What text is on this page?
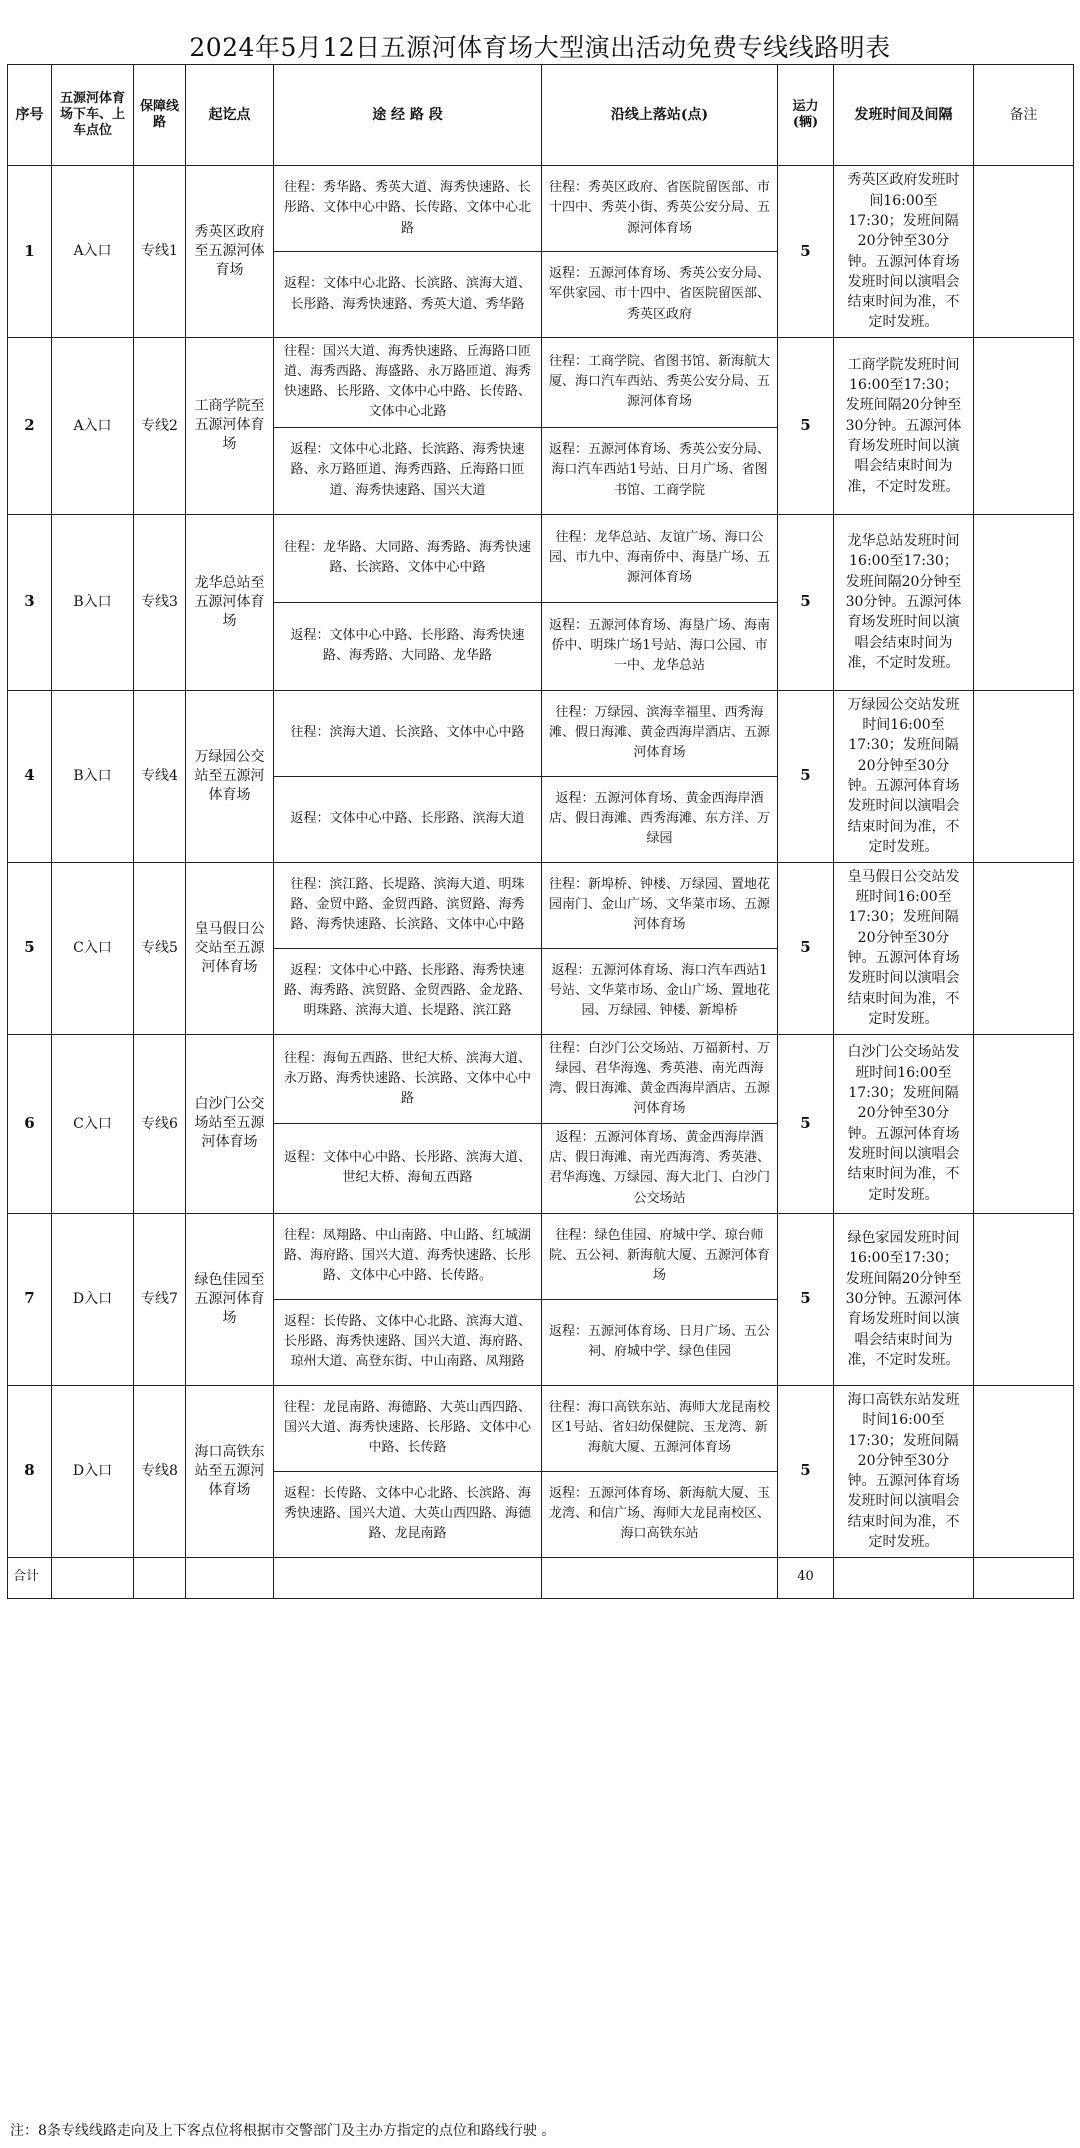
2024年5月12日五源河体育场大型演出活动免费专线线路明表
序号	五源河体育场下车、上车点位	保障线路	起讫点	途 经 路 段	沿线上落站(点)	运力(辆)	发班时间及间隔	备注
1	A入口	专线1	秀英区政府至五源河体育场	往程：秀华路、秀英大道、海秀快速路、长彤路、文体中心中路、长传路、文体中心北路	往程：秀英区政府、省医院留医部、市十四中、秀英小街、秀英公安分局、五源河体育场	5	秀英区政府发班时间16:00至17:30；发班间隔20分钟至30分钟。五源河体育场发班时间以演唱会结束时间为准，不定时发班。	
				返程：文体中心北路、长滨路、滨海大道、长彤路、海秀快速路、秀英大道、秀华路	返程：五源河体育场、秀英公安分局、军供家园、市十四中、省医院留医部、秀英区政府			
2	A入口	专线2	工商学院至五源河体育场	往程：国兴大道、海秀快速路、丘海路口匝道、海秀西路、海盛路、永万路匝道、海秀快速路、长彤路、文体中心中路、长传路、文体中心北路	往程：工商学院、省图书馆、新海航大厦、海口汽车西站、秀英公安分局、五源河体育场	5	工商学院发班时间16:00至17:30；发班间隔20分钟至30分钟。五源河体育场发班时间以演唱会结束时间为准，不定时发班。	
				返程：文体中心北路、长滨路、海秀快速路、永万路匝道、海秀西路、丘海路口匝道、海秀快速路、国兴大道	返程：五源河体育场、秀英公安分局、海口汽车西站1号站、日月广场、省图书馆、工商学院			
3	B入口	专线3	龙华总站至五源河体育场	往程：龙华路、大同路、海秀路、海秀快速路、长滨路、文体中心中路	往程：龙华总站、友谊广场、海口公园、市九中、海南侨中、海垦广场、五源河体育场	5	龙华总站发班时间16:00至17:30；发班间隔20分钟至30分钟。五源河体育场发班时间以演唱会结束时间为准，不定时发班。	
				返程：文体中心中路、长彤路、海秀快速路、海秀路、大同路、龙华路	返程：五源河体育场、海垦广场、海南侨中、明珠广场1号站、海口公园、市一中、龙华总站			
4	B入口	专线4	万绿园公交站至五源河体育场	往程：滨海大道、长滨路、文体中心中路	往程：万绿园、滨海幸福里、西秀海滩、假日海滩、黄金西海岸酒店、五源河体育场	5	万绿园公交站发班时间16:00至17:30；发班间隔20分钟至30分钟。五源河体育场发班时间以演唱会结束时间为准，不定时发班。	
				返程：文体中心中路、长彤路、滨海大道	返程：五源河体育场、黄金西海岸酒店、假日海滩、西秀海滩、东方洋、万绿园			
5	C入口	专线5	皇马假日公交站至五源河体育场	往程：滨江路、长堤路、滨海大道、明珠路、金贸中路、金贸西路、滨贸路、海秀路、海秀快速路、长滨路、文体中心中路	往程：新埠桥、钟楼、万绿园、置地花园南门、金山广场、文华菜市场、五源河体育场	5	皇马假日公交站发班时间16:00至17:30；发班间隔20分钟至30分钟。五源河体育场发班时间以演唱会结束时间为准，不定时发班。	
				返程：文体中心中路、长彤路、海秀快速路、海秀路、滨贸路、金贸西路、金龙路、明珠路、滨海大道、长堤路、滨江路	返程：五源河体育场、海口汽车西站1号站、文华菜市场、金山广场、置地花园、万绿园、钟楼、新埠桥			
6	C入口	专线6	白沙门公交场站至五源河体育场	往程：海甸五西路、世纪大桥、滨海大道、永万路、海秀快速路、长滨路、文体中心中路	往程：白沙门公交场站、万福新村、万绿园、君华海逸、秀英港、南光西海湾、假日海滩、黄金西海岸酒店、五源河体育场	5	白沙门公交场站发班时间16:00至17:30；发班间隔20分钟至30分钟。五源河体育场发班时间以演唱会结束时间为准，不定时发班。	
				返程：文体中心中路、长彤路、滨海大道、世纪大桥、海甸五西路	返程：五源河体育场、黄金西海岸酒店、假日海滩、南光西海湾、秀英港、君华海逸、万绿园、海大北门、白沙门公交场站			
7	D入口	专线7	绿色佳园至五源河体育场	往程：凤翔路、中山南路、中山路、红城湖路、海府路、国兴大道、海秀快速路、长彤路、文体中心中路、长传路。	往程：绿色佳园、府城中学、琼台师院、五公祠、新海航大厦、五源河体育场	5	绿色家园发班时间16:00至17:30；发班间隔20分钟至30分钟。五源河体育场发班时间以演唱会结束时间为准，不定时发班。	
				返程：长传路、文体中心北路、滨海大道、长彤路、海秀快速路、国兴大道、海府路、琼州大道、高登东街、中山南路、凤翔路	返程：五源河体育场、日月广场、五公祠、府城中学、绿色佳园			
8	D入口	专线8	海口高铁东站至五源河体育场	往程：龙昆南路、海德路、大英山西四路、国兴大道、海秀快速路、长彤路、文体中心中路、长传路	往程：海口高铁东站、海师大龙昆南校区1号站、省妇幼保健院、玉龙湾、新海航大厦、五源河体育场	5	海口高铁东站发班时间16:00至17:30；发班间隔20分钟至30分钟。五源河体育场发班时间以演唱会结束时间为准，不定时发班。	
				返程：长传路、文体中心北路、长滨路、海秀快速路、国兴大道、大英山西四路、海德路、龙昆南路	返程：五源河体育场、新海航大厦、玉龙湾、和信广场、海师大龙昆南校区、海口高铁东站			
合计						40		
注：8条专线线路走向及上下客点位将根据市交警部门及主办方指定的点位和路线行驶 。
